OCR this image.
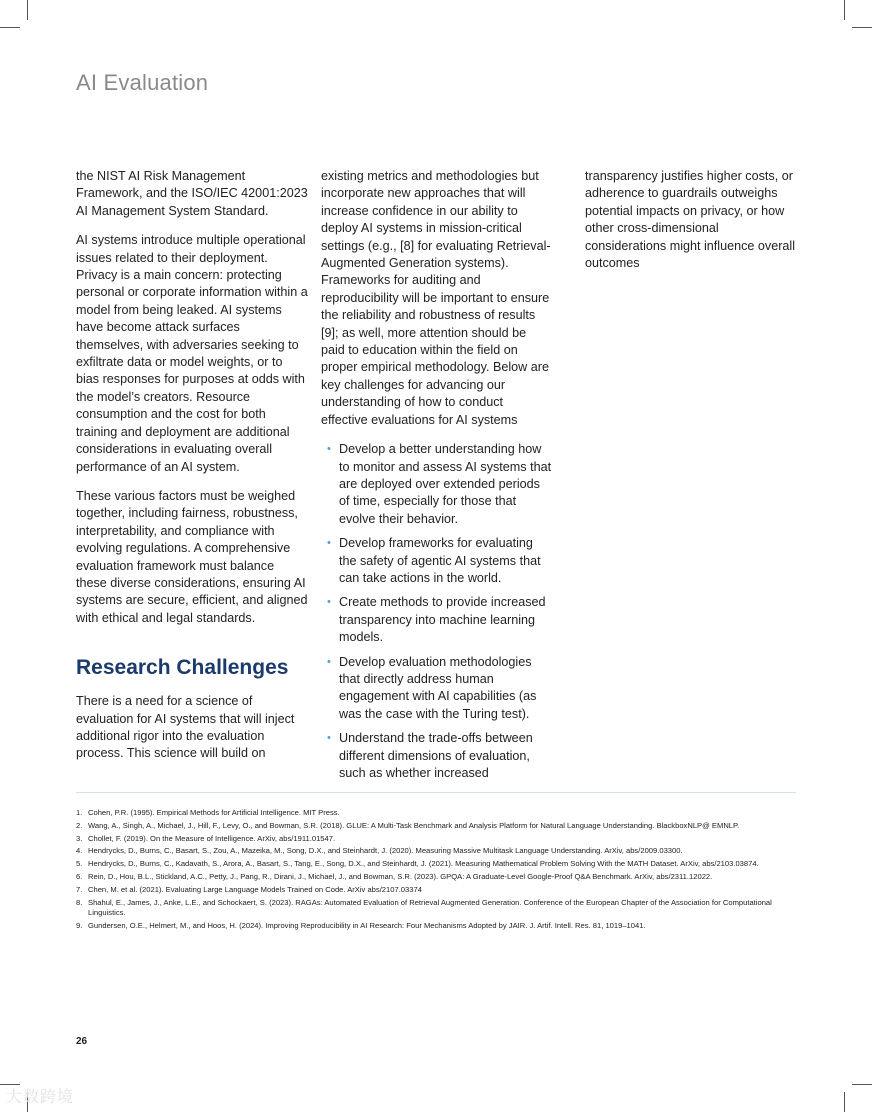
AI Evaluation

the NIST AI Risk Management Framework, and the ISO/IEC 42001:2023 AI Management System Standard.

AI systems introduce multiple operational issues related to their deployment. Privacy is a main concern: protecting personal or corporate information within a model from being leaked. AI systems have become attack surfaces themselves, with adversaries seeking to exfiltrate data or model weights, or to bias responses for purposes at odds with the model’s creators. Resource consumption and the cost for both training and deployment are additional considerations in evaluating overall performance of an AI system.

These various factors must be weighed together, including fairness, robustness, interpretability, and compliance with evolving regulations. A comprehensive evaluation framework must balance these diverse considerations, ensuring AI systems are secure, efficient, and aligned with ethical and legal standards.

Research Challenges

There is a need for a science of evaluation for AI systems that will inject additional rigor into the evaluation process. This science will build on

existing metrics and methodologies but incorporate new approaches that will increase confidence in our ability to deploy AI systems in mission-critical settings (e.g., [8] for evaluating Retrieval-Augmented Generation systems). Frameworks for auditing and reproducibility will be important to ensure the reliability and robustness of results [9]; as well, more attention should be paid to education within the field on proper empirical methodology. Below are key challenges for advancing our understanding of how to conduct effective evaluations for AI systems

• Develop a better understanding how to monitor and assess AI systems that are deployed over extended periods of time, especially for those that evolve their behavior.
• Develop frameworks for evaluating the safety of agentic AI systems that can take actions in the world.
• Create methods to provide increased transparency into machine learning models.
• Develop evaluation methodologies that directly address human engagement with AI capabilities (as was the case with the Turing test).
• Understand the trade-offs between different dimensions of evaluation, such as whether increased

transparency justifies higher costs, or adherence to guardrails outweighs potential impacts on privacy, or how other cross-dimensional considerations might influence overall outcomes

1. Cohen, P.R. (1995). Empirical Methods for Artificial Intelligence. MIT Press.
2. Wang, A., Singh, A., Michael, J., Hill, F., Levy, O., and Bowman, S.R. (2018). GLUE: A Multi-Task Benchmark and Analysis Platform for Natural Language Understanding. BlackboxNLP@ EMNLP.
3. Chollet, F. (2019). On the Measure of Intelligence. ArXiv, abs/1911.01547.
4. Hendrycks, D., Burns, C., Basart, S., Zou, A., Mazeika, M., Song, D.X., and Steinhardt, J. (2020). Measuring Massive Multitask Language Understanding. ArXiv, abs/2009.03300.
5. Hendrycks, D., Burns, C., Kadavath, S., Arora, A., Basart, S., Tang, E., Song, D.X., and Steinhardt, J. (2021). Measuring Mathematical Problem Solving With the MATH Dataset. ArXiv, abs/2103.03874.
6. Rein, D., Hou, B.L., Stickland, A.C., Petty, J., Pang, R., Dirani, J., Michael, J., and Bowman, S.R. (2023). GPQA: A Graduate-Level Google-Proof Q&A Benchmark. ArXiv, abs/2311.12022.
7. Chen, M. et al. (2021). Evaluating Large Language Models Trained on Code. ArXiv abs/2107.03374
8. Shahul, E., James, J., Anke, L.E., and Schockaert, S. (2023). RAGAs: Automated Evaluation of Retrieval Augmented Generation. Conference of the European Chapter of the Association for Computational Linguistics.
9. Gundersen, O.E., Helmert, M., and Hoos, H. (2024). Improving Reproducibility in AI Research: Four Mechanisms Adopted by JAIR. J. Artif. Intell. Res. 81, 1019–1041.
26
大数跨境
